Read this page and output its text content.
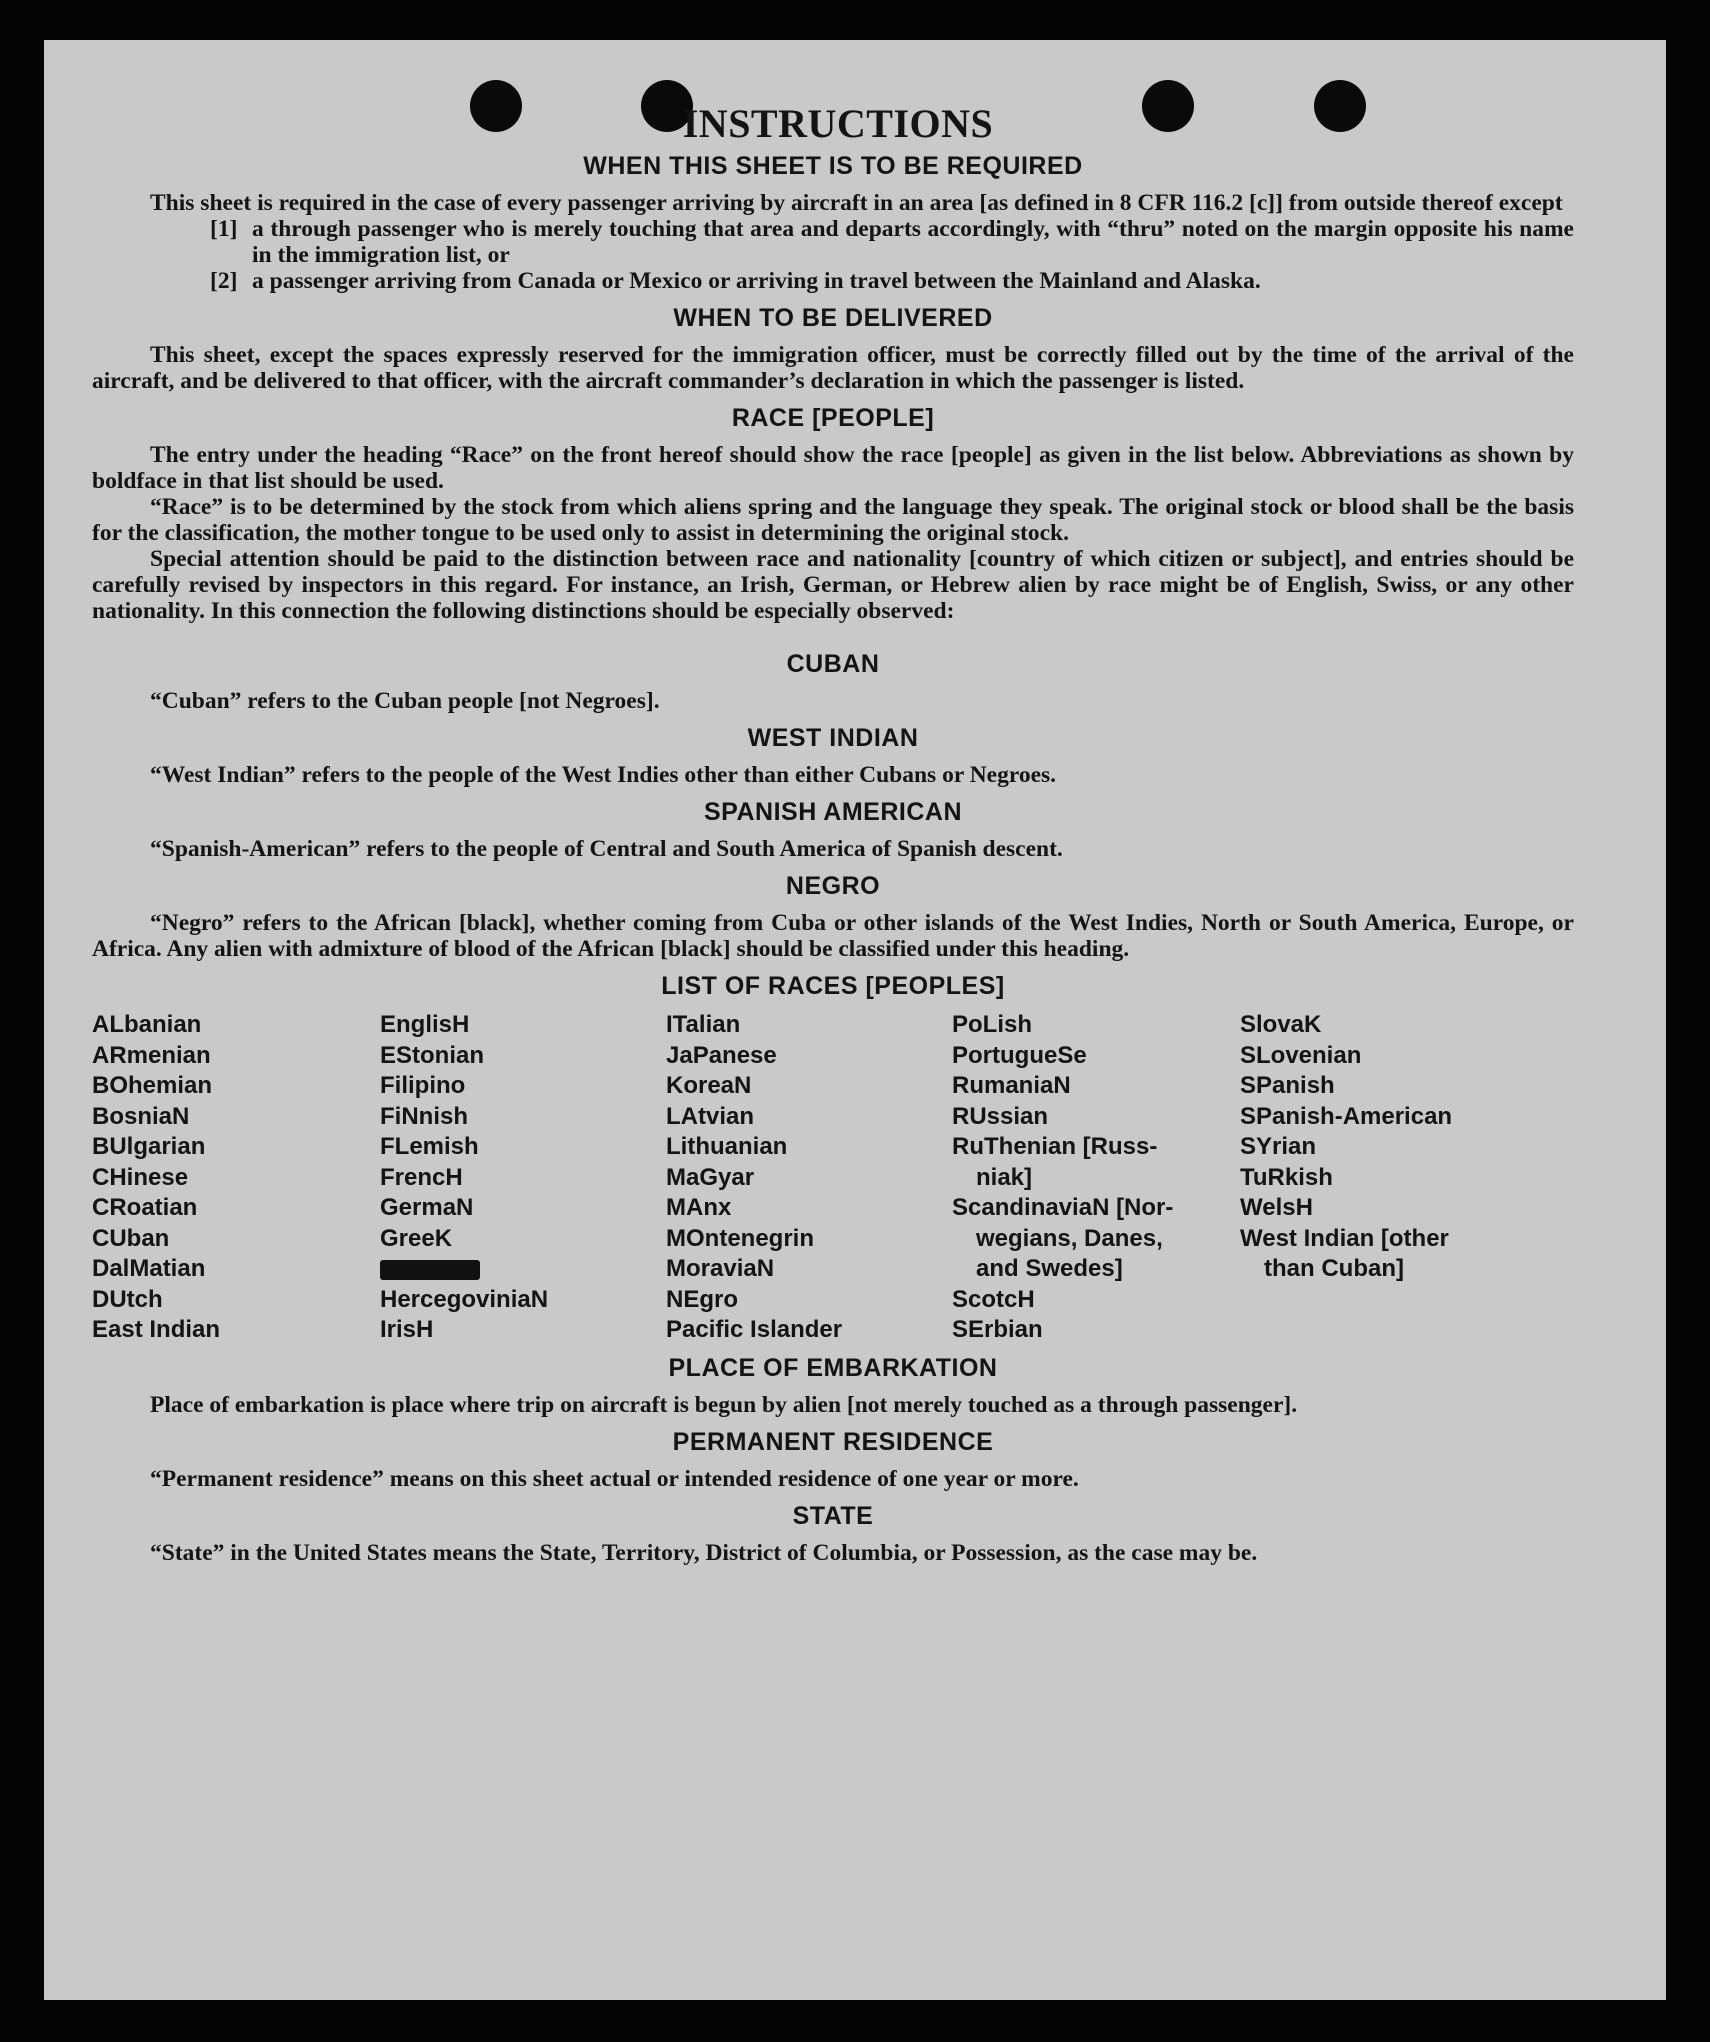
INSTRUCTIONS
WHEN THIS SHEET IS TO BE REQUIRED

This sheet is required in the case of every passenger arriving by aircraft in an area [as defined in 8 CFR 116.2 [c]] from outside thereof except

[1] a through passenger who is merely touching that area and departs accordingly, with “thru” noted on the margin opposite his name in the immigration list, or
[2] a passenger arriving from Canada or Mexico or arriving in travel between the Mainland and Alaska.
WHEN TO BE DELIVERED

This sheet, except the spaces expressly reserved for the immigration officer, must be correctly filled out by the time of the arrival of the aircraft, and be delivered to that officer, with the aircraft commander’s declaration in which the passenger is listed.

RACE [PEOPLE]

The entry under the heading “Race” on the front hereof should show the race [people] as given in the list below. Abbreviations as shown by boldface in that list should be used.

“Race” is to be determined by the stock from which aliens spring and the language they speak. The original stock or blood shall be the basis for the classification, the mother tongue to be used only to assist in determining the original stock.

Special attention should be paid to the distinction between race and nationality [country of which citizen or subject], and entries should be carefully revised by inspectors in this regard. For instance, an Irish, German, or Hebrew alien by race might be of English, Swiss, or any other nationality. In this connection the following distinctions should be especially observed:

CUBAN

“Cuban” refers to the Cuban people [not Negroes].

WEST INDIAN

“West Indian” refers to the people of the West Indies other than either Cubans or Negroes.

SPANISH AMERICAN

“Spanish-American” refers to the people of Central and South America of Spanish descent.

NEGRO

“Negro” refers to the African [black], whether coming from Cuba or other islands of the West Indies, North or South America, Europe, or Africa. Any alien with admixture of blood of the African [black] should be classified under this heading.

LIST OF RACES [PEOPLES]
ALbanian
ARmenian
BOhemian
BosniaN
BUlgarian
CHinese
CRoatian
CUban
DalMatian
DUtch
East Indian
EnglisH
EStonian
Filipino
FiNnish
FLemish
FrencH
GermaN
GreeK
HercegoviniaN
IrisH
ITalian
JaPanese
KoreaN
LAtvian
Lithuanian
MaGyar
MAnx
MOntenegrin
MoraviaN
NEgro
Pacific Islander
PoLish
PortugueSe
RumaniaN
RUssian
RuThenian [Russ-
niak]
ScandinaviaN [Nor-
wegians, Danes,
and Swedes]
ScotcH
SErbian
SlovaK
SLovenian
SPanish
SPanish-American
SYrian
TuRkish
WelsH
West Indian [other
than Cuban]
PLACE OF EMBARKATION

Place of embarkation is place where trip on aircraft is begun by alien [not merely touched as a through passenger].

PERMANENT RESIDENCE

“Permanent residence” means on this sheet actual or intended residence of one year or more.

STATE

“State” in the United States means the State, Territory, District of Columbia, or Possession, as the case may be.
